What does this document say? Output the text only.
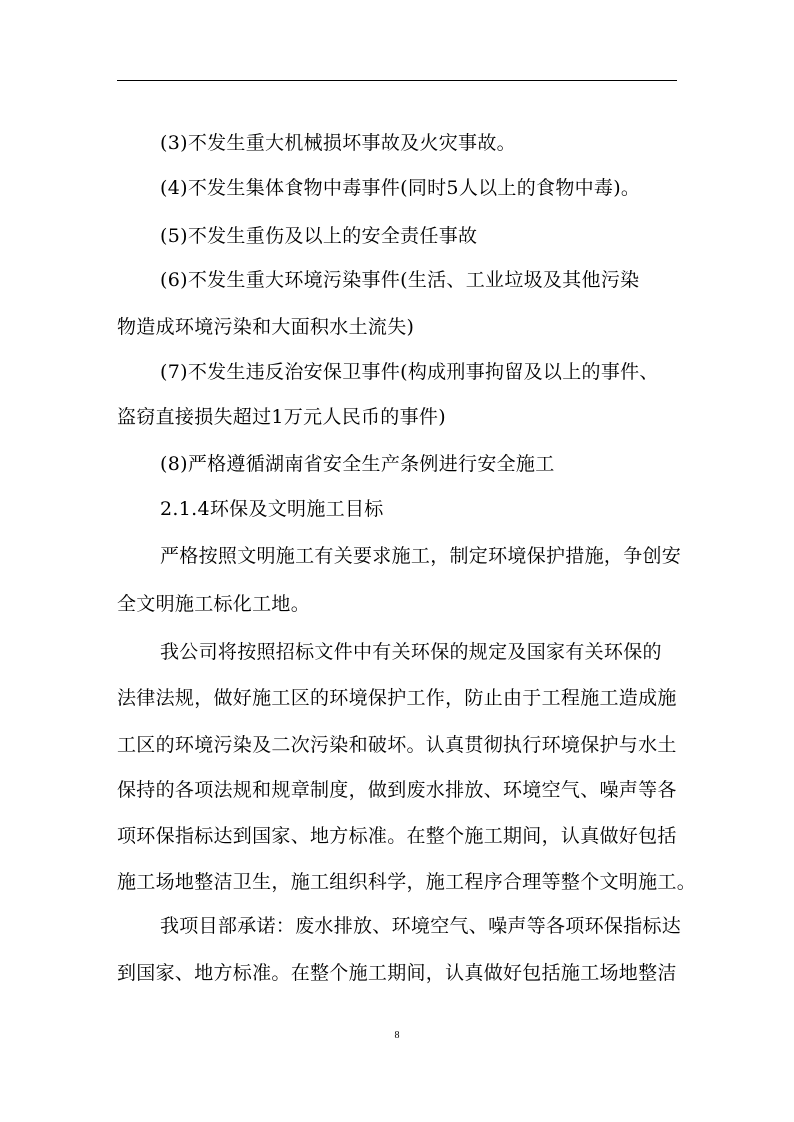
(3)不发生重大机械损坏事故及火灾事故。
(4)不发生集体食物中毒事件(同时5人以上的食物中毒)。
(5)不发生重伤及以上的安全责任事故
(6)不发生重大环境污染事件(生活、工业垃圾及其他污染
物造成环境污染和大面积水土流失)
(7)不发生违反治安保卫事件(构成刑事拘留及以上的事件、
盗窃直接损失超过1万元人民币的事件)
(8)严格遵循湖南省安全生产条例进行安全施工
2.1.4环保及文明施工目标
严格按照文明施工有关要求施工，制定环境保护措施，争创安
全文明施工标化工地。
我公司将按照招标文件中有关环保的规定及国家有关环保的
法律法规，做好施工区的环境保护工作，防止由于工程施工造成施
工区的环境污染及二次污染和破坏。认真贯彻执行环境保护与水土
保持的各项法规和规章制度，做到废水排放、环境空气、噪声等各
项环保指标达到国家、地方标准。在整个施工期间，认真做好包括
施工场地整洁卫生，施工组织科学，施工程序合理等整个文明施工。
我项目部承诺：废水排放、环境空气、噪声等各项环保指标达
到国家、地方标准。在整个施工期间，认真做好包括施工场地整洁
8
